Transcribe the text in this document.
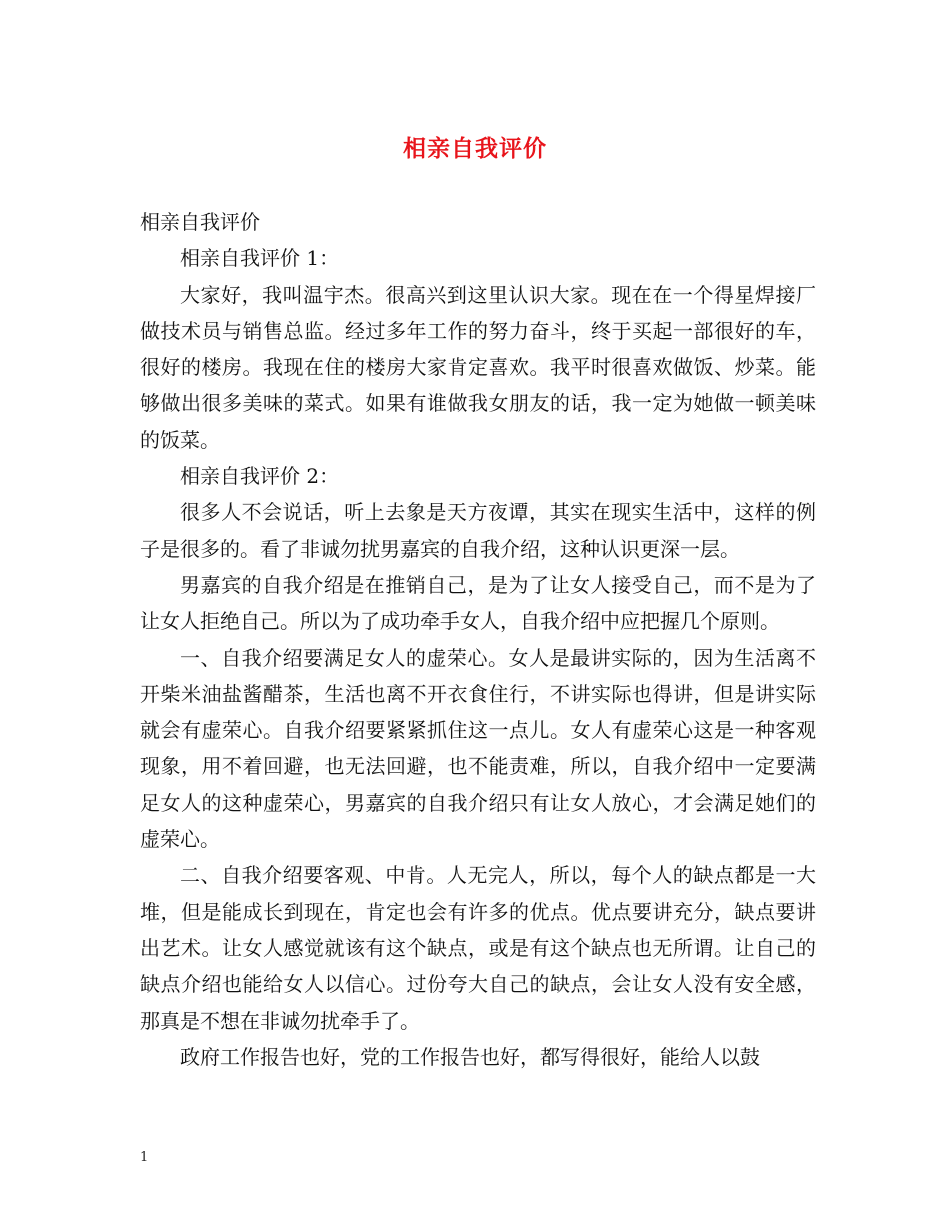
相亲自我评价

相亲自我评价

相亲自我评价 1：

大家好，我叫温宇杰。很高兴到这里认识大家。现在在一个得星焊接厂做技术员与销售总监。经过多年工作的努力奋斗，终于买起一部很好的车，很好的楼房。我现在住的楼房大家肯定喜欢。我平时很喜欢做饭、炒菜。能够做出很多美味的菜式。如果有谁做我女朋友的话，我一定为她做一顿美味的饭菜。

相亲自我评价 2：

很多人不会说话，听上去象是天方夜谭，其实在现实生活中，这样的例子是很多的。看了非诚勿扰男嘉宾的自我介绍，这种认识更深一层。

男嘉宾的自我介绍是在推销自己，是为了让女人接受自己，而不是为了让女人拒绝自己。所以为了成功牵手女人，自我介绍中应把握几个原则。

一、自我介绍要满足女人的虚荣心。女人是最讲实际的，因为生活离不开柴米油盐酱醋茶，生活也离不开衣食住行，不讲实际也得讲，但是讲实际就会有虚荣心。自我介绍要紧紧抓住这一点儿。女人有虚荣心这是一种客观现象，用不着回避，也无法回避，也不能责难，所以，自我介绍中一定要满足女人的这种虚荣心，男嘉宾的自我介绍只有让女人放心，才会满足她们的虚荣心。

二、自我介绍要客观、中肯。人无完人，所以，每个人的缺点都是一大堆，但是能成长到现在，肯定也会有许多的优点。优点要讲充分，缺点要讲出艺术。让女人感觉就该有这个缺点，或是有这个缺点也无所谓。让自己的缺点介绍也能给女人以信心。过份夸大自己的缺点，会让女人没有安全感，那真是不想在非诚勿扰牵手了。

政府工作报告也好，党的工作报告也好，都写得很好，能给人以鼓

1
